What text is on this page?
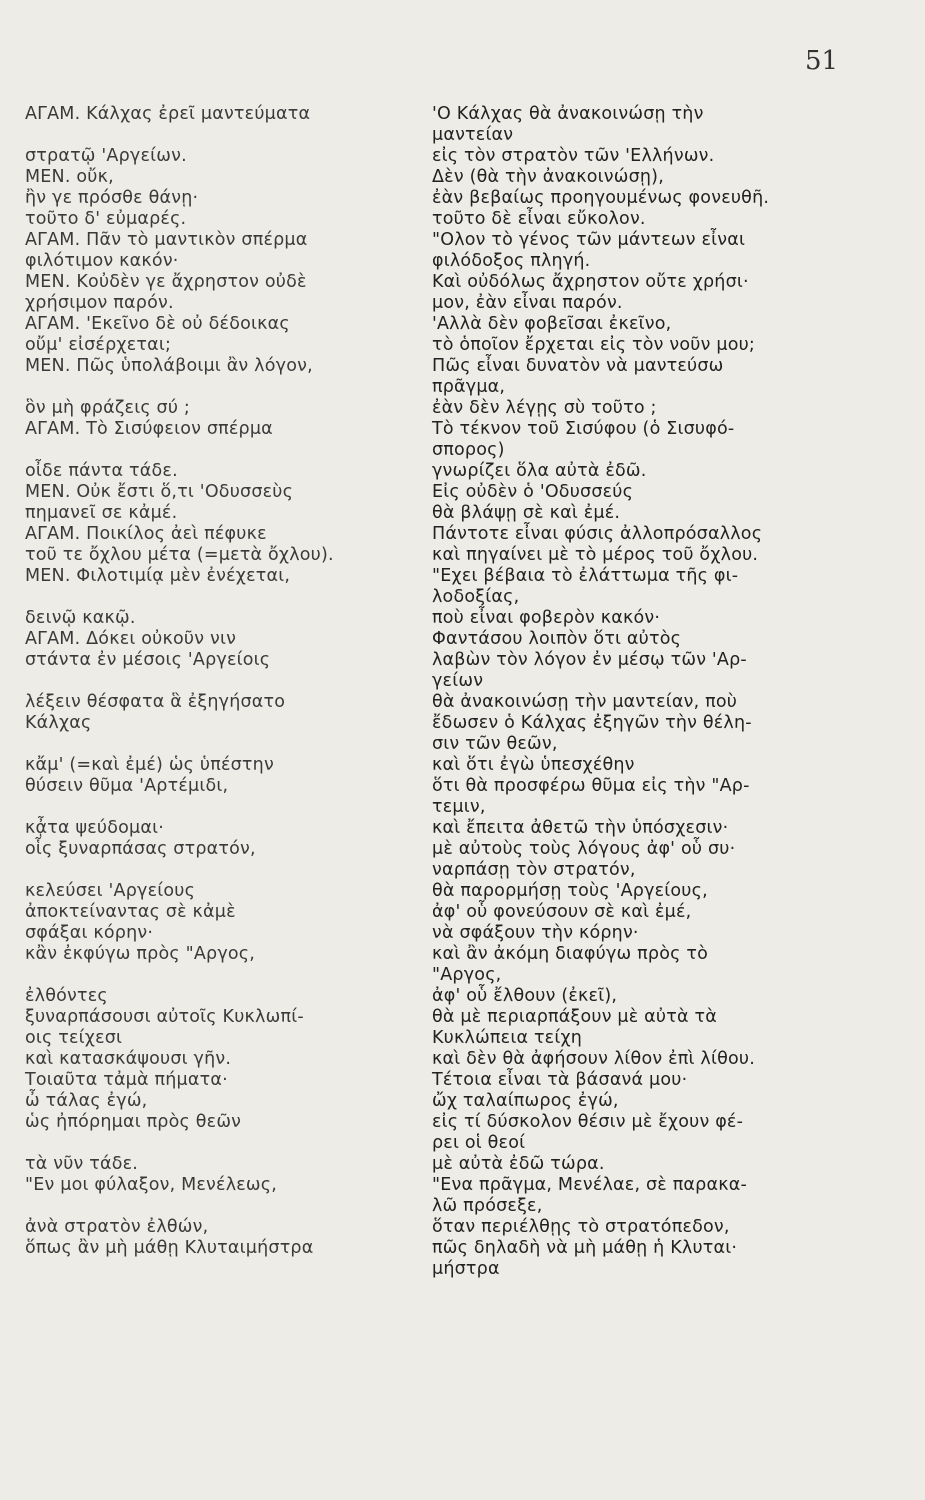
51
ΑΓΑΜ. Κάλχας ἐρεῖ μαντεύματα
στρατῷ 'Αργείων.
ΜΕΝ. οὔκ,
ἢν γε πρόσθε θάνῃ·
τοῦτο δ' εὐμαρές.
ΑΓΑΜ. Πᾶν τὸ μαντικὸν σπέρμα
φιλότιμον κακόν·
ΜΕΝ. Κοὐδὲν γε ἄχρηστον οὐδὲ
χρήσιμον παρόν.
ΑΓΑΜ. 'Εκεῖνο δὲ οὐ δέδοικας
οὔμ' εἰσέρχεται;
ΜΕΝ. Πῶς ὑπολάβοιμι ἂν λόγον,
ὃν μὴ φράζεις σύ ;
ΑΓΑΜ. Τὸ Σισύφειον σπέρμα
οἶδε πάντα τάδε.
ΜΕΝ. Οὐκ ἔστι ὅ,τι 'Οδυσσεὺς
πημανεῖ σε κἀμέ.
ΑΓΑΜ. Ποικίλος ἀεὶ πέφυκε
τοῦ τε ὄχλου μέτα (=μετὰ ὄχλου).
ΜΕΝ. Φιλοτιμίᾳ μὲν ἐνέχεται,
δεινῷ κακῷ.
ΑΓΑΜ. Δόκει οὐκοῦν νιν
στάντα ἐν μέσοις 'Αργείοις
λέξειν θέσφατα ἃ ἐξηγήσατο
Κάλχας
κἄμ' (=καὶ ἐμέ) ὡς ὑπέστην
θύσειν θῦμα 'Αρτέμιδι,
κᾆτα ψεύδομαι·
οἷς ξυναρπάσας στρατόν,
κελεύσει 'Αργείους
ἀποκτείναντας σὲ κἀμὲ
σφάξαι κόρην·
κἂν ἐκφύγω πρὸς "Αργος,
ἐλθόντες
ξυναρπάσουσι αὐτοῖς Κυκλωπί-
οις τείχεσι
καὶ κατασκάψουσι γῆν.
Τοιαῦτα τἀμὰ πήματα·
ὦ τάλας ἐγώ,
ὡς ἠπόρημαι πρὸς θεῶν
τὰ νῦν τάδε.
"Εν μοι φύλαξον, Μενέλεως,
ἀνὰ στρατὸν ἐλθών,
ὅπως ἂν μὴ μάθῃ Κλυταιμήστρα
'Ο Κάλχας θὰ ἀνακοινώσῃ τὴν
μαντείαν
εἰς τὸν στρατὸν τῶν 'Ελλήνων.
Δὲν (θὰ τὴν ἀνακοινώσῃ),
ἐὰν βεβαίως προηγουμένως φονευθῆ.
τοῦτο δὲ εἶναι εὔκολον.
"Ολον τὸ γένος τῶν μάντεων εἶναι
φιλόδοξος πληγή.
Καὶ οὐδόλως ἄχρηστον οὔτε χρήσι·
μον, ἐὰν εἶναι παρόν.
'Αλλὰ δὲν φοβεῖσαι ἐκεῖνο,
τὸ ὁποῖον ἔρχεται εἰς τὸν νοῦν μου;
Πῶς εἶναι δυνατὸν νὰ μαντεύσω
πρᾶγμα,
ἐὰν δὲν λέγῃς σὺ τοῦτο ;
Τὸ τέκνον τοῦ Σισύφου (ὁ Σισυφό-
σπορος)
γνωρίζει ὅλα αὐτὰ ἐδῶ.
Εἰς οὐδὲν ὁ 'Οδυσσεύς
θὰ βλάψῃ σὲ καὶ ἐμέ.
Πάντοτε εἶναι φύσις ἀλλοπρόσαλλος
καὶ πηγαίνει μὲ τὸ μέρος τοῦ ὄχλου.
"Εχει βέβαια τὸ ἐλάττωμα τῆς φι-
λοδοξίας,
ποὺ εἶναι φοβερὸν κακόν·
Φαντάσου λοιπὸν ὅτι αὐτὸς
λαβὼν τὸν λόγον ἐν μέσῳ τῶν 'Αρ-
γείων
θὰ ἀνακοινώσῃ τὴν μαντείαν, ποὺ
ἔδωσεν ὁ Κάλχας ἐξηγῶν τὴν θέλη-
σιν τῶν θεῶν,
καὶ ὅτι ἐγὼ ὑπεσχέθην
ὅτι θὰ προσφέρω θῦμα εἰς τὴν "Αρ-
τεμιν,
καὶ ἔπειτα ἀθετῶ τὴν ὑπόσχεσιν·
μὲ αὐτοὺς τοὺς λόγους ἀφ' οὗ συ·
ναρπάσῃ τὸν στρατόν,
θὰ παρορμήσῃ τοὺς 'Αργείους,
ἀφ' οὗ φονεύσουν σὲ καὶ ἐμέ,
νὰ σφάξουν τὴν κόρην·
καὶ ἂν ἀκόμη διαφύγω πρὸς τὸ
"Αργος,
ἀφ' οὗ ἔλθουν (ἐκεῖ),
θὰ μὲ περιαρπάξουν μὲ αὐτὰ τὰ
Κυκλώπεια τείχη
καὶ δὲν θὰ ἀφήσουν λίθον ἐπὶ λίθου.
Τέτοια εἶναι τὰ βάσανά μου·
ὤχ ταλαίπωρος ἐγώ,
εἰς τί δύσκολον θέσιν μὲ ἔχουν φέ-
ρει οἱ θεοί
μὲ αὐτὰ ἐδῶ τώρα.
"Ενα πρᾶγμα, Μενέλαε, σὲ παρακα-
λῶ πρόσεξε,
ὅταν περιέλθῃς τὸ στρατόπεδον,
πῶς δηλαδὴ νὰ μὴ μάθῃ ἡ Κλυται·
μήστρα
